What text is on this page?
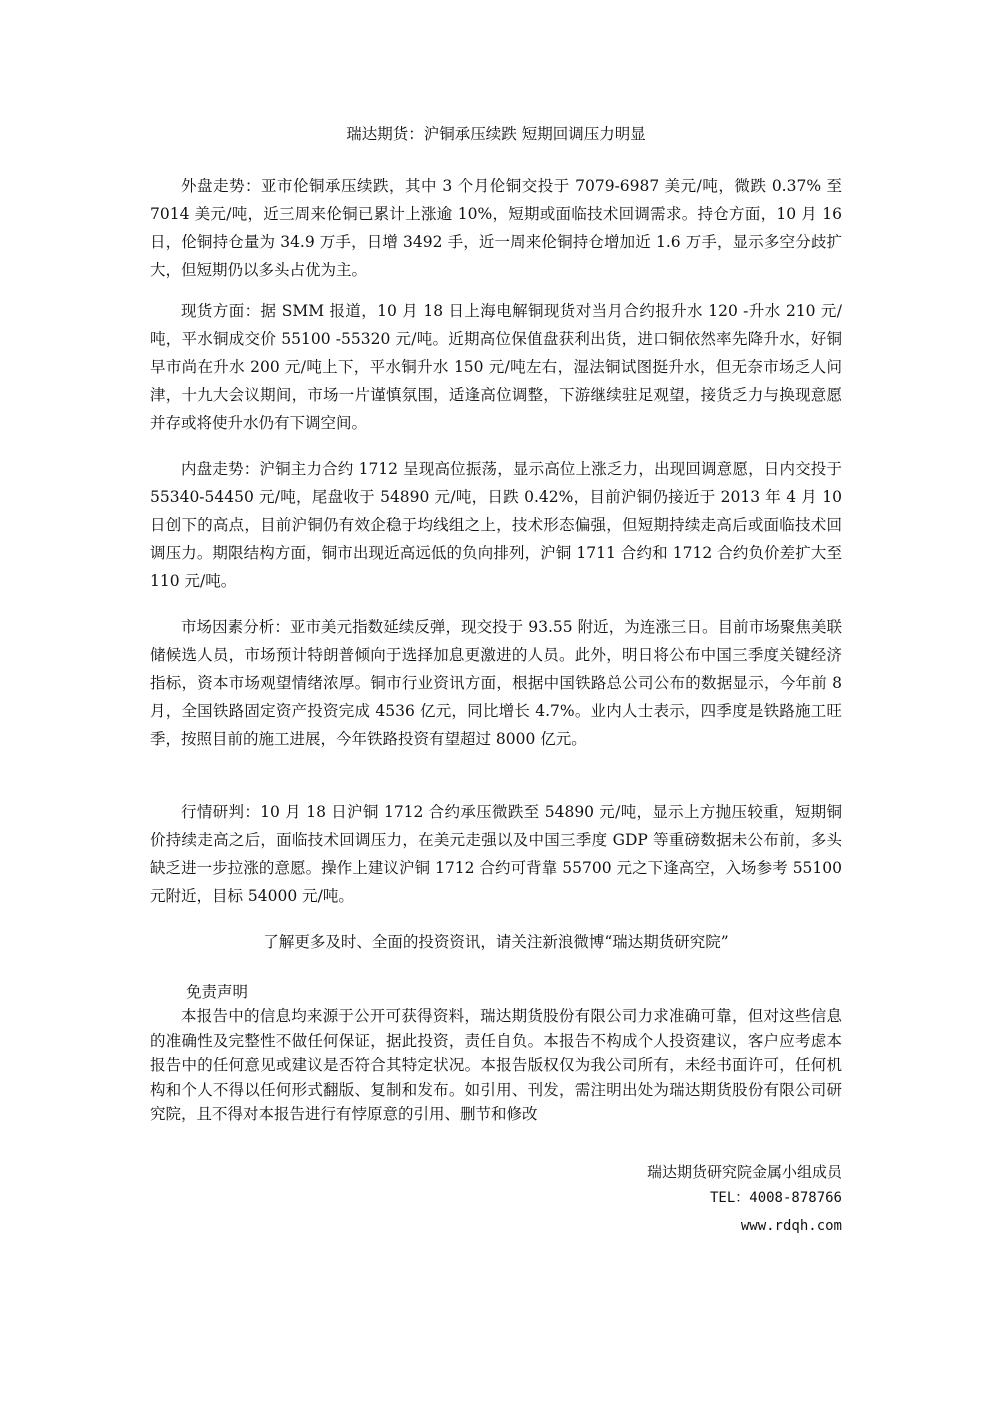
瑞达期货：沪铜承压续跌 短期回调压力明显

外盘走势：亚市伦铜承压续跌，其中 3 个月伦铜交投于 7079-6987 美元/吨，微跌 0.37% 至 7014 美元/吨，近三周来伦铜已累计上涨逾 10%，短期或面临技术回调需求。持仓方面，10 月 16 日，伦铜持仓量为 34.9 万手，日增 3492 手，近一周来伦铜持仓增加近 1.6 万手，显示多空分歧扩大，但短期仍以多头占优为主。

现货方面：据 SMM 报道，10 月 18 日上海电解铜现货对当月合约报升水 120 -升水 210 元/吨，平水铜成交价 55100 -55320 元/吨。近期高位保值盘获利出货，进口铜依然率先降升水，好铜早市尚在升水 200 元/吨上下，平水铜升水 150 元/吨左右，湿法铜试图挺升水，但无奈市场乏人问津，十九大会议期间，市场一片谨慎氛围，适逢高位调整，下游继续驻足观望，接货乏力与换现意愿并存或将使升水仍有下调空间。

内盘走势：沪铜主力合约 1712 呈现高位振荡，显示高位上涨乏力，出现回调意愿，日内交投于 55340-54450 元/吨，尾盘收于 54890 元/吨，日跌 0.42%，目前沪铜仍接近于 2013 年 4 月 10 日创下的高点，目前沪铜仍有效企稳于均线组之上，技术形态偏强，但短期持续走高后或面临技术回调压力。期限结构方面，铜市出现近高远低的负向排列，沪铜 1711 合约和 1712 合约负价差扩大至 110 元/吨。

市场因素分析：亚市美元指数延续反弹，现交投于 93.55 附近，为连涨三日。目前市场聚焦美联储候选人员，市场预计特朗普倾向于选择加息更激进的人员。此外，明日将公布中国三季度关键经济指标，资本市场观望情绪浓厚。铜市行业资讯方面，根据中国铁路总公司公布的数据显示，今年前 8 月，全国铁路固定资产投资完成 4536 亿元，同比增长 4.7%。业内人士表示，四季度是铁路施工旺季，按照目前的施工进展，今年铁路投资有望超过 8000 亿元。

行情研判：10 月 18 日沪铜 1712 合约承压微跌至 54890 元/吨，显示上方抛压较重，短期铜价持续走高之后，面临技术回调压力，在美元走强以及中国三季度 GDP 等重磅数据未公布前，多头缺乏进一步拉涨的意愿。操作上建议沪铜 1712 合约可背靠 55700 元之下逢高空，入场参考 55100 元附近，目标 54000 元/吨。

了解更多及时、全面的投资资讯，请关注新浪微博“瑞达期货研究院”
免责声明

本报告中的信息均来源于公开可获得资料，瑞达期货股份有限公司力求准确可靠，但对这些信息的准确性及完整性不做任何保证，据此投资，责任自负。本报告不构成个人投资建议，客户应考虑本报告中的任何意见或建议是否符合其特定状况。本报告版权仅为我公司所有，未经书面许可，任何机构和个人不得以任何形式翻版、复制和发布。如引用、刊发，需注明出处为瑞达期货股份有限公司研究院，且不得对本报告进行有悖原意的引用、删节和修改

瑞达期货研究院金属小组成员
TEL：4008-878766
www.rdqh.com
